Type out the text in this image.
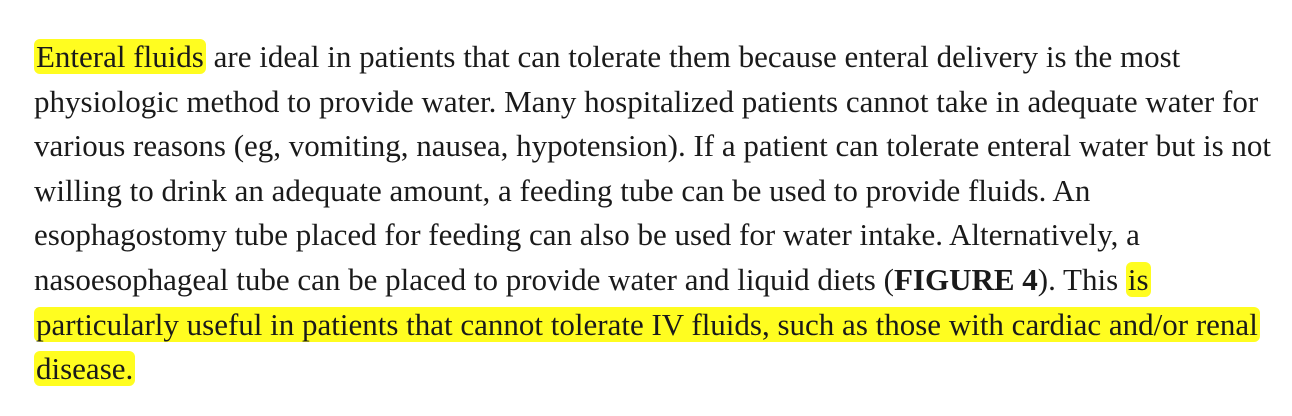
Enteral fluids are ideal in patients that can tolerate them because enteral delivery is the most physiologic method to provide water. Many hospitalized patients cannot take in adequate water for various reasons (eg, vomiting, nausea, hypotension). If a patient can tolerate enteral water but is not willing to drink an adequate amount, a feeding tube can be used to provide fluids. An esophagostomy tube placed for feeding can also be used for water intake. Alternatively, a nasoesophageal tube can be placed to provide water and liquid diets (FIGURE 4). This is particularly useful in patients that cannot tolerate IV fluids, such as those with cardiac and/or renal disease.
